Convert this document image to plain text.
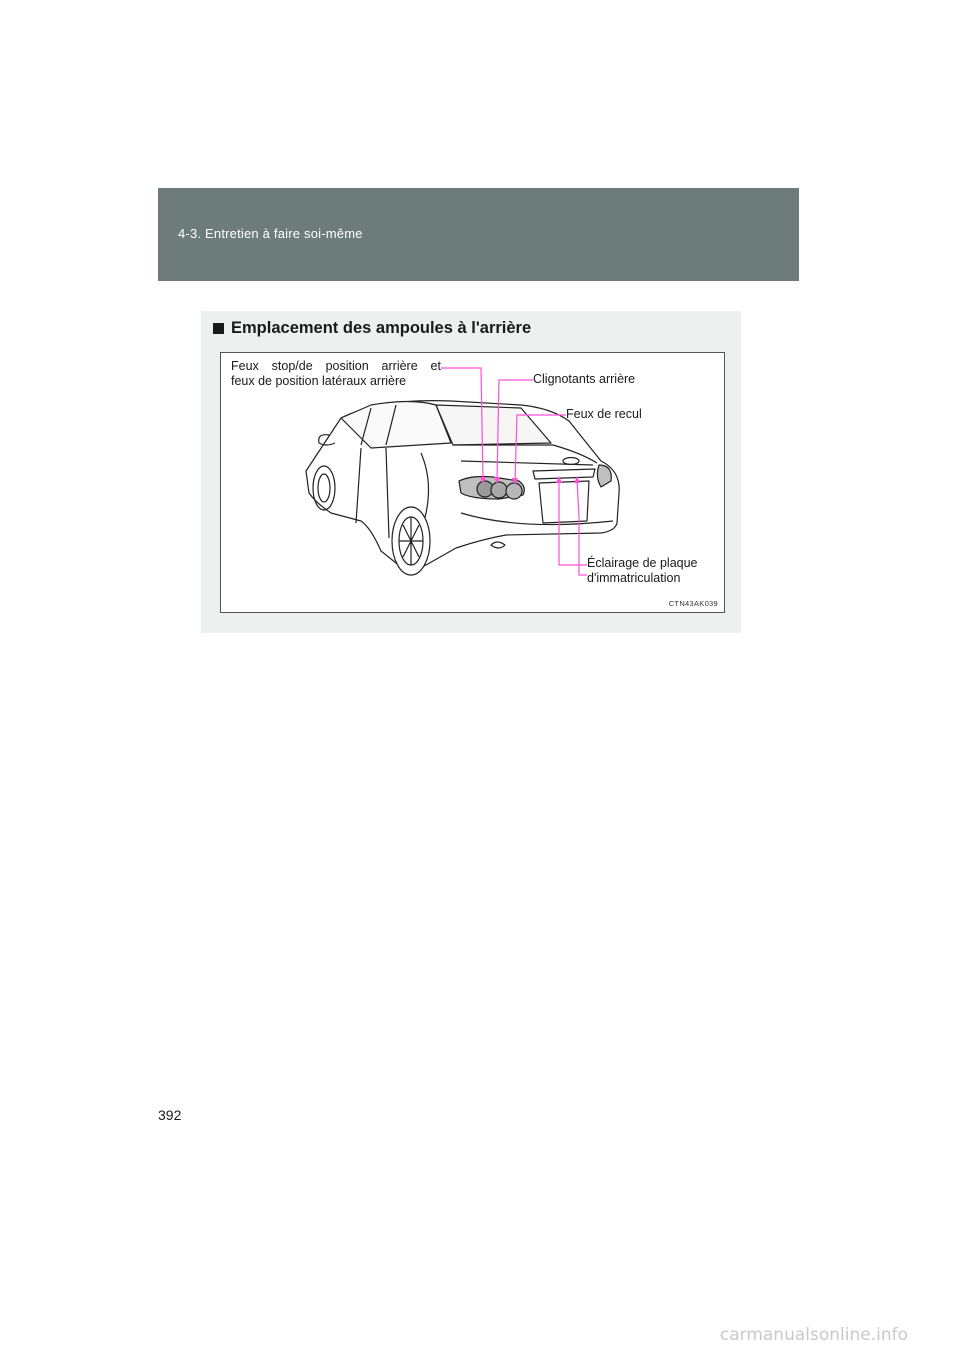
4-3. Entretien à faire soi-même
Emplacement des ampoules à l'arrière
Feux stop/de position arrière et
feux de position latéraux arrière	Clignotants arrière
Feux de recul
Éclairage de plaque
d'immatriculation
CTN43AK039
392
carmanualsonline.info
